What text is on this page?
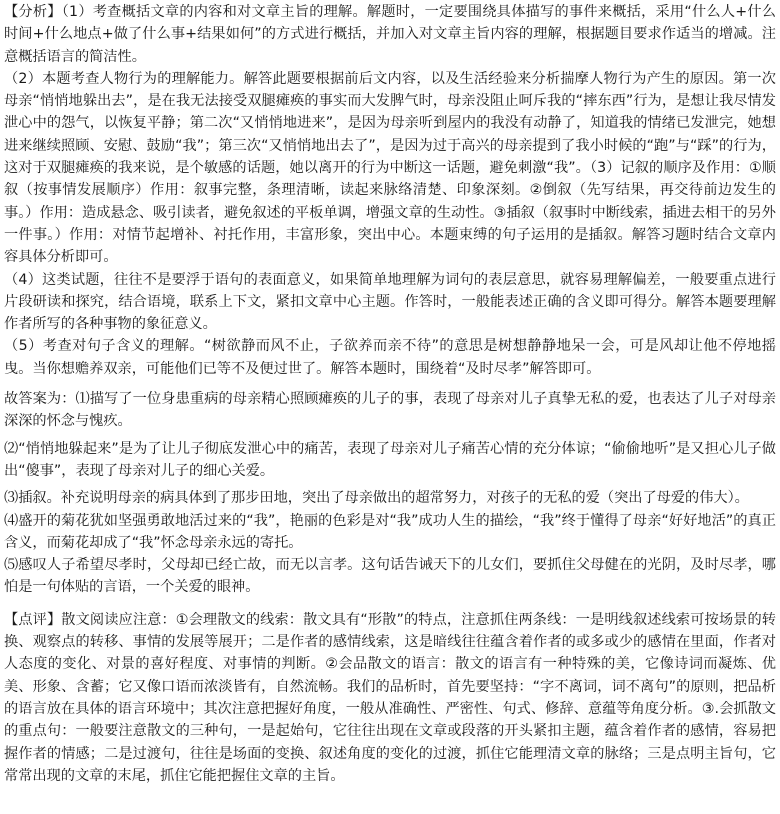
【分析】（1）考查概括文章的内容和对文章主旨的理解。解题时，一定要围绕具体描写的事件来概括，采用“什么人+什么时间+什么地点+做了什么事+结果如何”的方式进行概括，并加入对文章主旨内容的理解，根据题目要求作适当的增减。注意概括语言的简洁性。

（2）本题考查人物行为的理解能力。解答此题要根据前后文内容，以及生活经验来分析揣摩人物行为产生的原因。第一次母亲“悄悄地躲出去”，是在我无法接受双腿瘫痪的事实而大发脾气时，母亲没阻止呵斥我的“摔东西”行为，是想让我尽情发泄心中的怨气，以恢复平静；第二次“又悄悄地进来”，是因为母亲听到屋内的我没有动静了，知道我的情绪已发泄完，她想进来继续照顾、安慰、鼓励“我”；第三次“又悄悄地出去了”，是因为过于高兴的母亲提到了我小时候的“跑”与“踩”的行为，这对于双腿瘫痪的我来说，是个敏感的话题，她以离开的行为中断这一话题，避免刺激“我”。（3）记叙的顺序及作用：①顺叙（按事情发展顺序）作用：叙事完整，条理清晰，读起来脉络清楚、印象深刻。②倒叙（先写结果，再交待前边发生的事。）作用：造成悬念、吸引读者，避免叙述的平板单调，增强文章的生动性。③插叙（叙事时中断线索，插进去相干的另外一件事。）作用：对情节起增补、衬托作用，丰富形象，突出中心。本题束缚的句子运用的是插叙。解答习题时结合文章内容具体分析即可。

（4）这类试题，往往不是要浮于语句的表面意义，如果简单地理解为词句的表层意思，就容易理解偏差，一般要重点进行片段研读和探究，结合语境，联系上下文，紧扣文章中心主题。作答时，一般能表述正确的含义即可得分。解答本题要理解作者所写的各种事物的象征意义。

（5）考查对句子含义的理解。“树欲静而风不止，子欲养而亲不待”的意思是树想静静地呆一会，可是风却让他不停地摇曳。当你想赡养双亲，可能他们已等不及便过世了。解答本题时，围绕着“及时尽孝”解答即可。

故答案为：⑴描写了一位身患重病的母亲精心照顾瘫痪的儿子的事，表现了母亲对儿子真挚无私的爱，也表达了儿子对母亲深深的怀念与愧疚。

⑵“悄悄地躲起来”是为了让儿子彻底发泄心中的痛苦，表现了母亲对儿子痛苦心情的充分体谅；“偷偷地听”是又担心儿子做出“傻事”，表现了母亲对儿子的细心关爱。

⑶插叙。补充说明母亲的病具体到了那步田地，突出了母亲做出的超常努力，对孩子的无私的爱（突出了母爱的伟大）。

⑷盛开的菊花犹如坚强勇敢地活过来的“我”，艳丽的色彩是对“我”成功人生的描绘，“我”终于懂得了母亲“好好地活”的真正含义，而菊花却成了“我”怀念母亲永远的寄托。

⑸感叹人子希望尽孝时，父母却已经亡故，而无以言孝。这句话告诫天下的儿女们，要抓住父母健在的光阴，及时尽孝，哪怕是一句体贴的言语，一个关爱的眼神。

【点评】散文阅读应注意：①会理散文的线索：散文具有“形散”的特点，注意抓住两条线：一是明线叙述线索可按场景的转换、观察点的转移、事情的发展等展开；二是作者的感情线索，这是暗线往往蕴含着作者的或多或少的感情在里面，作者对人态度的变化、对景的喜好程度、对事情的判断。②会品散文的语言：散文的语言有一种特殊的美，它像诗词而凝炼、优美、形象、含蓄；它又像口语而浓淡皆有，自然流畅。我们的品析时，首先要坚持：“字不离词，词不离句”的原则，把品析的语言放在具体的语言环境中；其次注意把握好角度，一般从准确性、严密性、句式、修辞、意蕴等角度分析。③.会抓散文的重点句：一般要注意散文的三种句，一是起始句，它往往出现在文章或段落的开头紧扣主题，蕴含着作者的感情，容易把握作者的情感；二是过渡句，往往是场面的变换、叙述角度的变化的过渡，抓住它能理清文章的脉络；三是点明主旨句，它常常出现的文章的末尾，抓住它能把握住文章的主旨。
